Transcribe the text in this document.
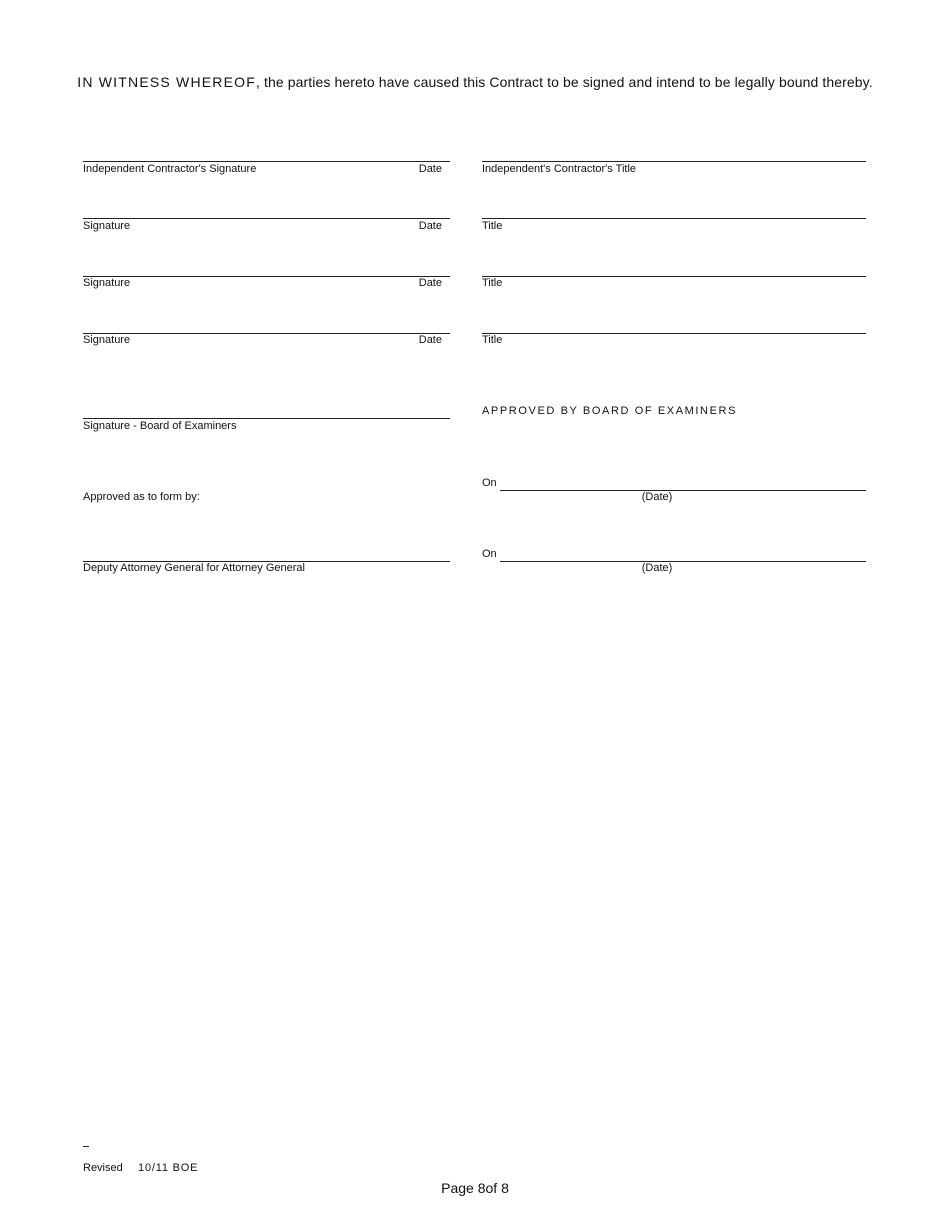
IN WITNESS WHEREOF, the parties hereto have caused this Contract to be signed and intend to be legally bound thereby.
Independent Contractor's Signature	Date	Independent's Contractor's Title
Signature	Date	Title
Signature	Date	Title
Signature	Date	Title
APPROVED BY BOARD OF EXAMINERS
Signature - Board of Examiners
On
(Date)
Approved as to form by:
On
(Date)
Deputy Attorney General for Attorney General
Revised 10/11 BOE
Page 8of 8
